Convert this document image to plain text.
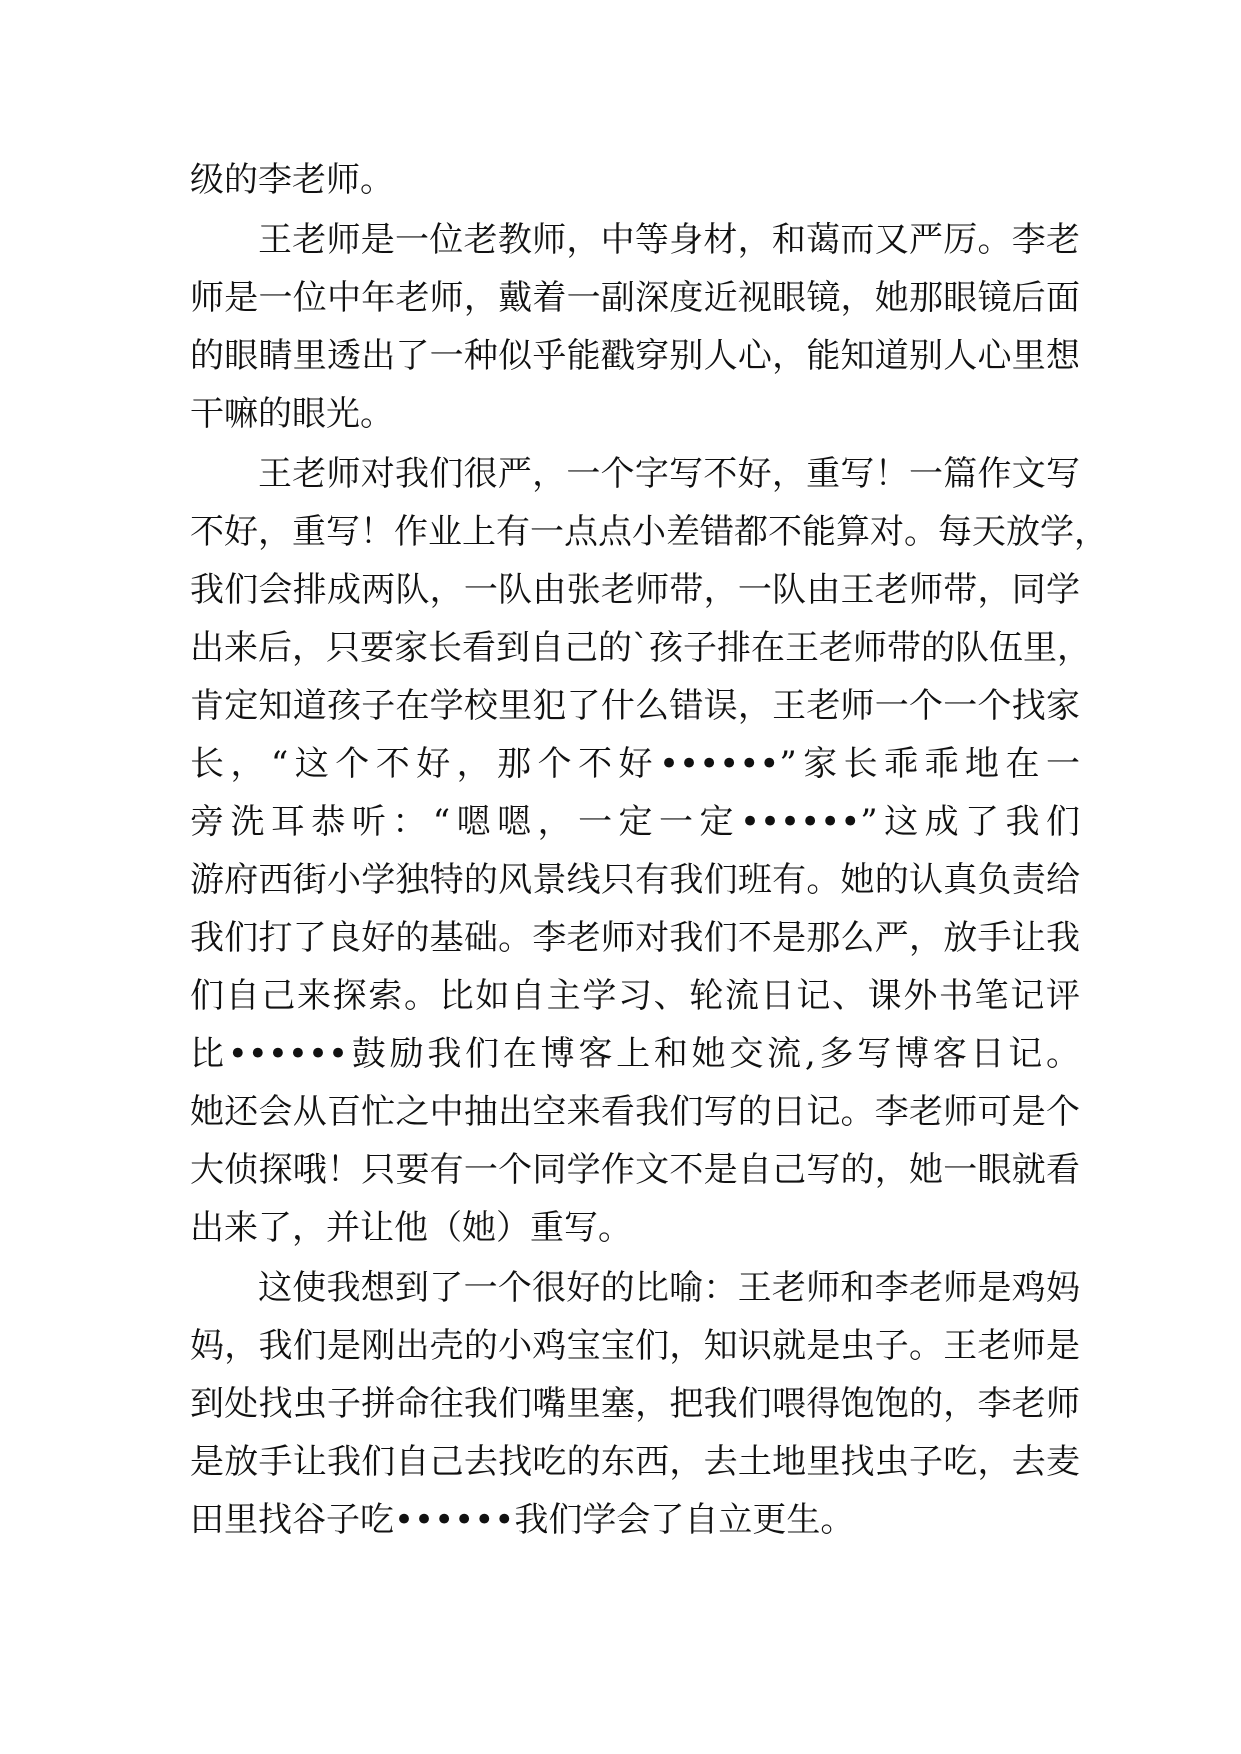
级的李老师。
王老师是一位老教师，中等身材，和蔼而又严厉。李老
师是一位中年老师，戴着一副深度近视眼镜，她那眼镜后面
的眼睛里透出了一种似乎能戳穿别人心，能知道别人心里想
干嘛的眼光。
王老师对我们很严，一个字写不好，重写！一篇作文写
不好，重写！作业上有一点点小差错都不能算对。每天放学，
我们会排成两队，一队由张老师带，一队由王老师带，同学
出来后，只要家长看到自己的`孩子排在王老师带的队伍里，
肯定知道孩子在学校里犯了什么错误，王老师一个一个找家
长，“这个不好，那个不好••••••”家长乖乖地在一
旁洗耳恭听：“嗯嗯，一定一定••••••”这成了我们
游府西街小学独特的风景线只有我们班有。她的认真负责给
我们打了良好的基础。李老师对我们不是那么严，放手让我
们自己来探索。比如自主学习、轮流日记、课外书笔记评
比••••••鼓励我们在博客上和她交流,多写博客日记。
她还会从百忙之中抽出空来看我们写的日记。李老师可是个
大侦探哦！只要有一个同学作文不是自己写的，她一眼就看
出来了，并让他（她）重写。
这使我想到了一个很好的比喻：王老师和李老师是鸡妈
妈，我们是刚出壳的小鸡宝宝们，知识就是虫子。王老师是
到处找虫子拼命往我们嘴里塞，把我们喂得饱饱的，李老师
是放手让我们自己去找吃的东西，去土地里找虫子吃，去麦
田里找谷子吃••••••我们学会了自立更生。
